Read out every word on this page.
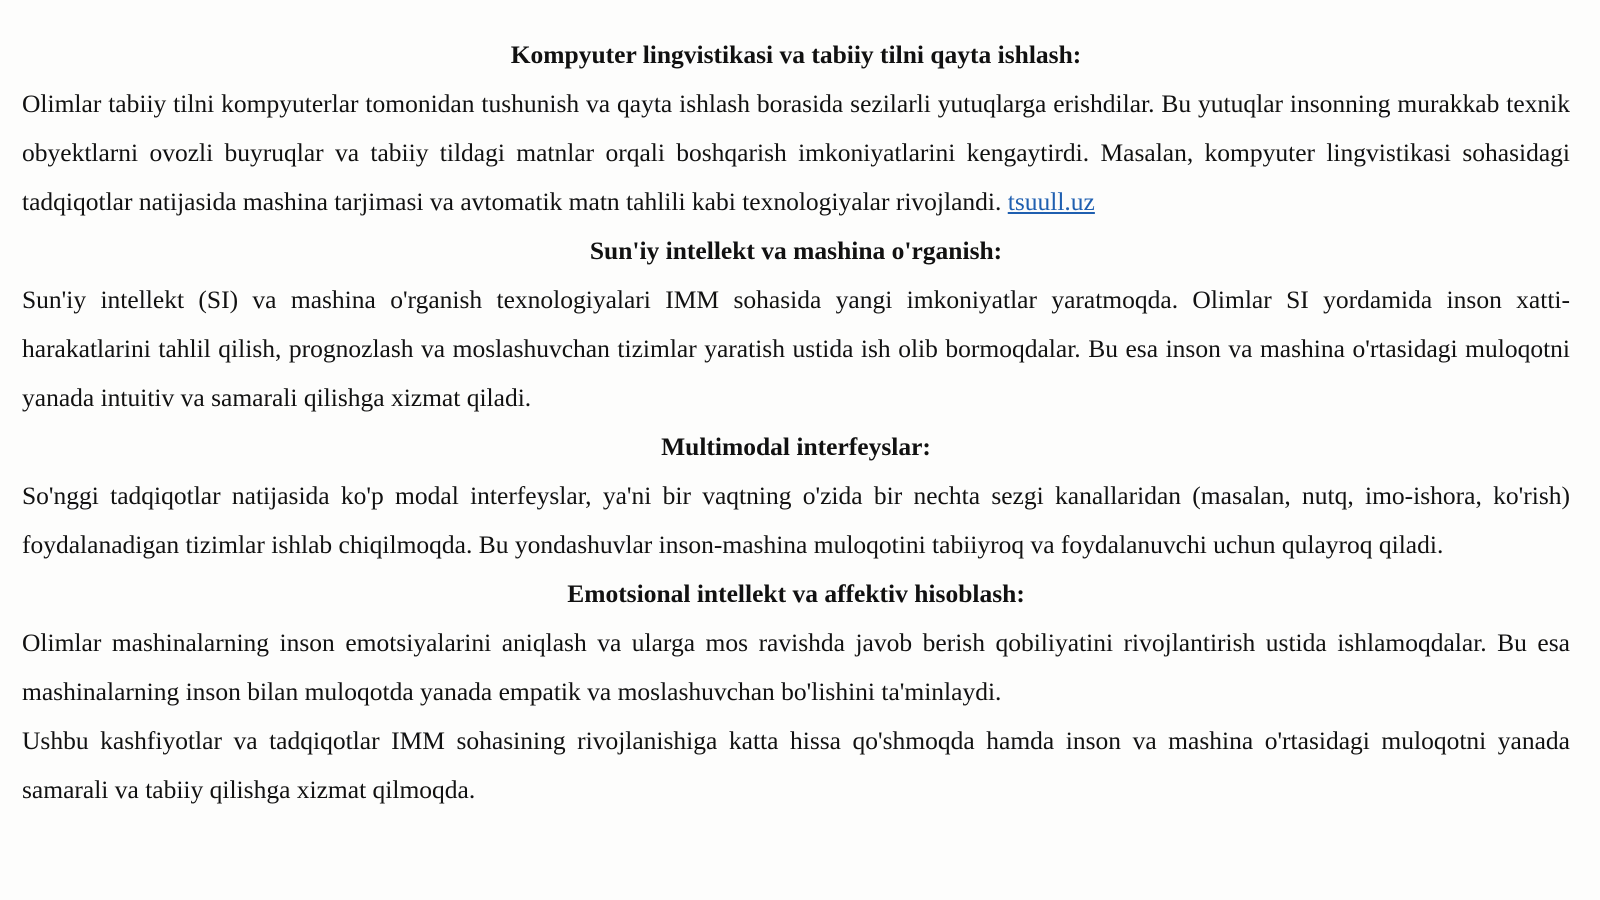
Kompyuter lingvistikasi va tabiiy tilni qayta ishlash:

Olimlar tabiiy tilni kompyuterlar tomonidan tushunish va qayta ishlash borasida sezilarli yutuqlarga erishdilar. Bu yutuqlar insonning murakkab texnik obyektlarni ovozli buyruqlar va tabiiy tildagi matnlar orqali boshqarish imkoniyatlarini kengaytirdi. Masalan, kompyuter lingvistikasi sohasidagi tadqiqotlar natijasida mashina tarjimasi va avtomatik matn tahlili kabi texnologiyalar rivojlandi. tsuull.uz

Sun'iy intellekt va mashina o'rganish:

Sun'iy intellekt (SI) va mashina o'rganish texnologiyalari IMM sohasida yangi imkoniyatlar yaratmoqda. Olimlar SI yordamida inson xatti-harakatlarini tahlil qilish, prognozlash va moslashuvchan tizimlar yaratish ustida ish olib bormoqdalar. Bu esa inson va mashina o'rtasidagi muloqotni yanada intuitiv va samarali qilishga xizmat qiladi.

Multimodal interfeyslar:

So'nggi tadqiqotlar natijasida ko'p modal interfeyslar, ya'ni bir vaqtning o'zida bir nechta sezgi kanallaridan (masalan, nutq, imo-ishora, ko'rish) foydalanadigan tizimlar ishlab chiqilmoqda. Bu yondashuvlar inson-mashina muloqotini tabiiyroq va foydalanuvchi uchun qulayroq qiladi.

Emotsional intellekt va affektiv hisoblash:

Olimlar mashinalarning inson emotsiyalarini aniqlash va ularga mos ravishda javob berish qobiliyatini rivojlantirish ustida ishlamoqdalar. Bu esa mashinalarning inson bilan muloqotda yanada empatik va moslashuvchan bo'lishini ta'minlaydi.

Ushbu kashfiyotlar va tadqiqotlar IMM sohasining rivojlanishiga katta hissa qo'shmoqda hamda inson va mashina o'rtasidagi muloqotni yanada samarali va tabiiy qilishga xizmat qilmoqda.
